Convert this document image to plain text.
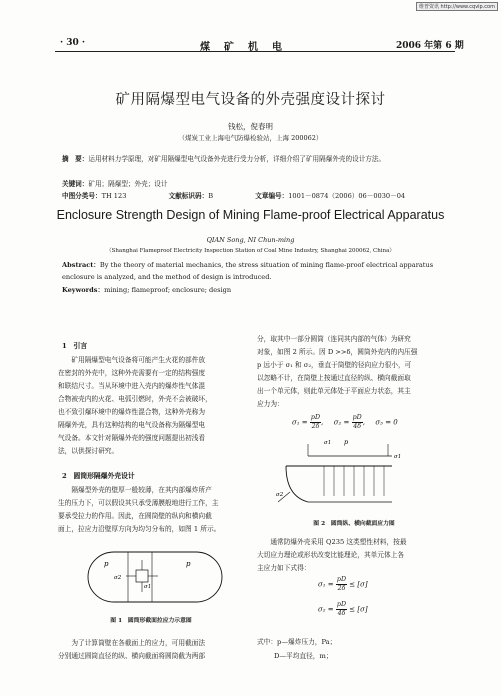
维普资讯 http://www.cqvip.com
· 30 ·	煤　矿　机　电	2006 年第 6 期
矿用隔爆型电气设备的外壳强度设计探讨
钱松，倪春明
（煤炭工业上海电气防爆检验站，上海 200062）
摘　要：运用材料力学原理，对矿用隔爆型电气设备外壳进行受力分析，详细介绍了矿用隔爆外壳的设计方法。
关键词：矿用；隔爆型；外壳；设计
中图分类号：TH 123	文献标识码：B	文章编号：1001－0874（2006）06－0030－04
Enclosure Strength Design of Mining Flame-proof Electrical Apparatus
QIAN Song, NI Chun-ming
（Shanghai Flameproof Electricity Inspection Station of Coal Mine Industry, Shanghai 200062, China）
Abstract：By the theory of material mechanics, the stress situation of mining flame-proof electrical apparatus
enclosure is analyzed, and the method of design is introduced.
Keywords：mining; flameproof; enclosure; design
1　引言
　　矿用隔爆型电气设备将可能产生火花的部件放
在密封的外壳中，这种外壳需要有一定的结构强度
和联结尺寸。当从环境中进入壳内的爆炸性气体混
合物被壳内的火花、电弧引燃时，外壳不会被破坏，
也不致引爆环境中的爆炸性混合物，这种外壳称为
隔爆外壳，具有这种结构的电气设备称为隔爆型电
气设备。本文针对隔爆外壳的强度问题提出初浅看
法，以供探讨研究。
2　圆筒形隔爆外壳设计
　　隔爆型外壳的壁厚一般较薄，在其内部爆炸所产
生的压力下，可以假设其只承受薄膜般地进行工作，主
要承受拉力的作用。因此，在圆筒壁的纵向和横向截
面上，拉应力沿壁厚方向为均匀分布的，如图 1 所示。
p	p
σ2
σ1
图 1　圆筒形截面拉应力示意图
　　为了计算筒壁在各截面上的应力，可用截面法
分别通过圆筒直径的纵、横向截面将圆筒截为两部
分，取其中一部分圆筒（连同其内部的气体）为研究
对象，如图 2 所示。因 D >>δ，圆筒外壳内的内压强
p 远小于 σ₁ 和 σ₂，垂直于筒壁的径向应力很小，可
以忽略不计，在筒壁上按通过直径的纵、横向截面取
出一个单元体，则此单元体处于平面应力状态，其主
应力为：
$\sigma_1 = \frac{pD}{2\delta}$ ,  $\sigma_2 = \frac{pD}{4\delta}$ ,  σ₃ = 0
σ1 p
σ1
σ2
图 2　圆筒纵、横向截面应力图
　　通常防爆外壳采用 Q235 这类塑性材料，按最
大切应力理论或形状改变比能理论，其单元体上各
主应力如下式得：
$\sigma_1 = \frac{pD}{2\delta} \le [\sigma]$
$\sigma_2 = \frac{pD}{4\delta} \le [\sigma]$
式中：p—爆炸压力，Pa；
D—平均直径，m；
